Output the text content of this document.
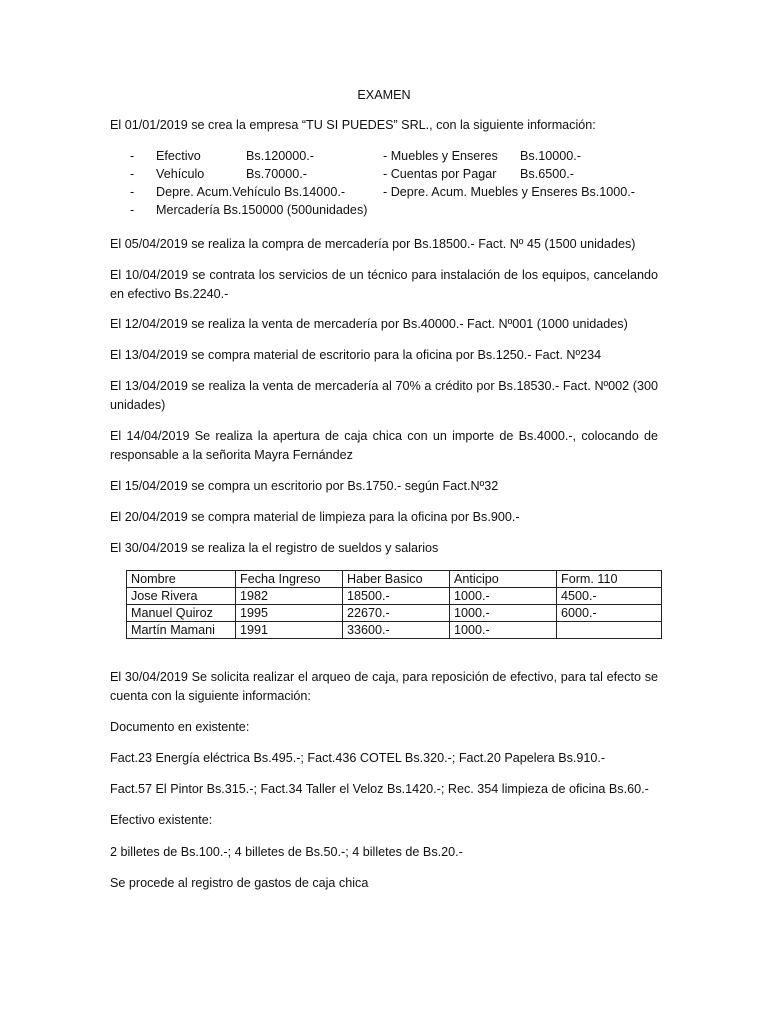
EXAMEN
El 01/01/2019 se crea la empresa “TU SI PUEDES” SRL., con la siguiente información:
- Efectivo	Bs.120000.-	- Muebles y Enseres Bs.10000.-
- Vehículo	Bs.70000.-	- Cuentas por Pagar Bs.6500.-
- Depre. Acum.Vehículo Bs.14000.-	- Depre. Acum. Muebles y Enseres Bs.1000.-
- Mercadería Bs.150000 (500unidades)
El 05/04/2019 se realiza la compra de mercadería por Bs.18500.- Fact. Nº 45 (1500 unidades)
El 10/04/2019 se contrata los servicios de un técnico para instalación de los equipos, cancelando en efectivo Bs.2240.-
El 12/04/2019 se realiza la venta de mercadería por Bs.40000.- Fact. Nº001 (1000 unidades)
El 13/04/2019 se compra material de escritorio para la oficina por Bs.1250.- Fact. Nº234
El 13/04/2019 se realiza la venta de mercadería al 70% a crédito por Bs.18530.- Fact. Nº002 (300 unidades)
El 14/04/2019 Se realiza la apertura de caja chica con un importe de Bs.4000.-, colocando de responsable a la señorita Mayra Fernández
El 15/04/2019 se compra un escritorio por Bs.1750.- según Fact.Nº32
El 20/04/2019 se compra material de limpieza para la oficina por Bs.900.-
El 30/04/2019 se realiza la el registro de sueldos y salarios
Nombre	Fecha Ingreso	Haber Basico	Anticipo	Form. 110
Jose Rivera	1982	18500.-	1000.-	4500.-
Manuel Quiroz	1995	22670.-	1000.-	6000.-
Martín Mamani	1991	33600.-	1000.-	
El 30/04/2019 Se solicita realizar el arqueo de caja, para reposición de efectivo, para tal efecto se cuenta con la siguiente información:
Documento en existente:
Fact.23 Energía eléctrica Bs.495.-; Fact.436 COTEL Bs.320.-; Fact.20 Papelera Bs.910.-
Fact.57 El Pintor Bs.315.-; Fact.34 Taller el Veloz Bs.1420.-; Rec. 354 limpieza de oficina Bs.60.-
Efectivo existente:
2 billetes de Bs.100.-; 4 billetes de Bs.50.-; 4 billetes de Bs.20.-
Se procede al registro de gastos de caja chica
